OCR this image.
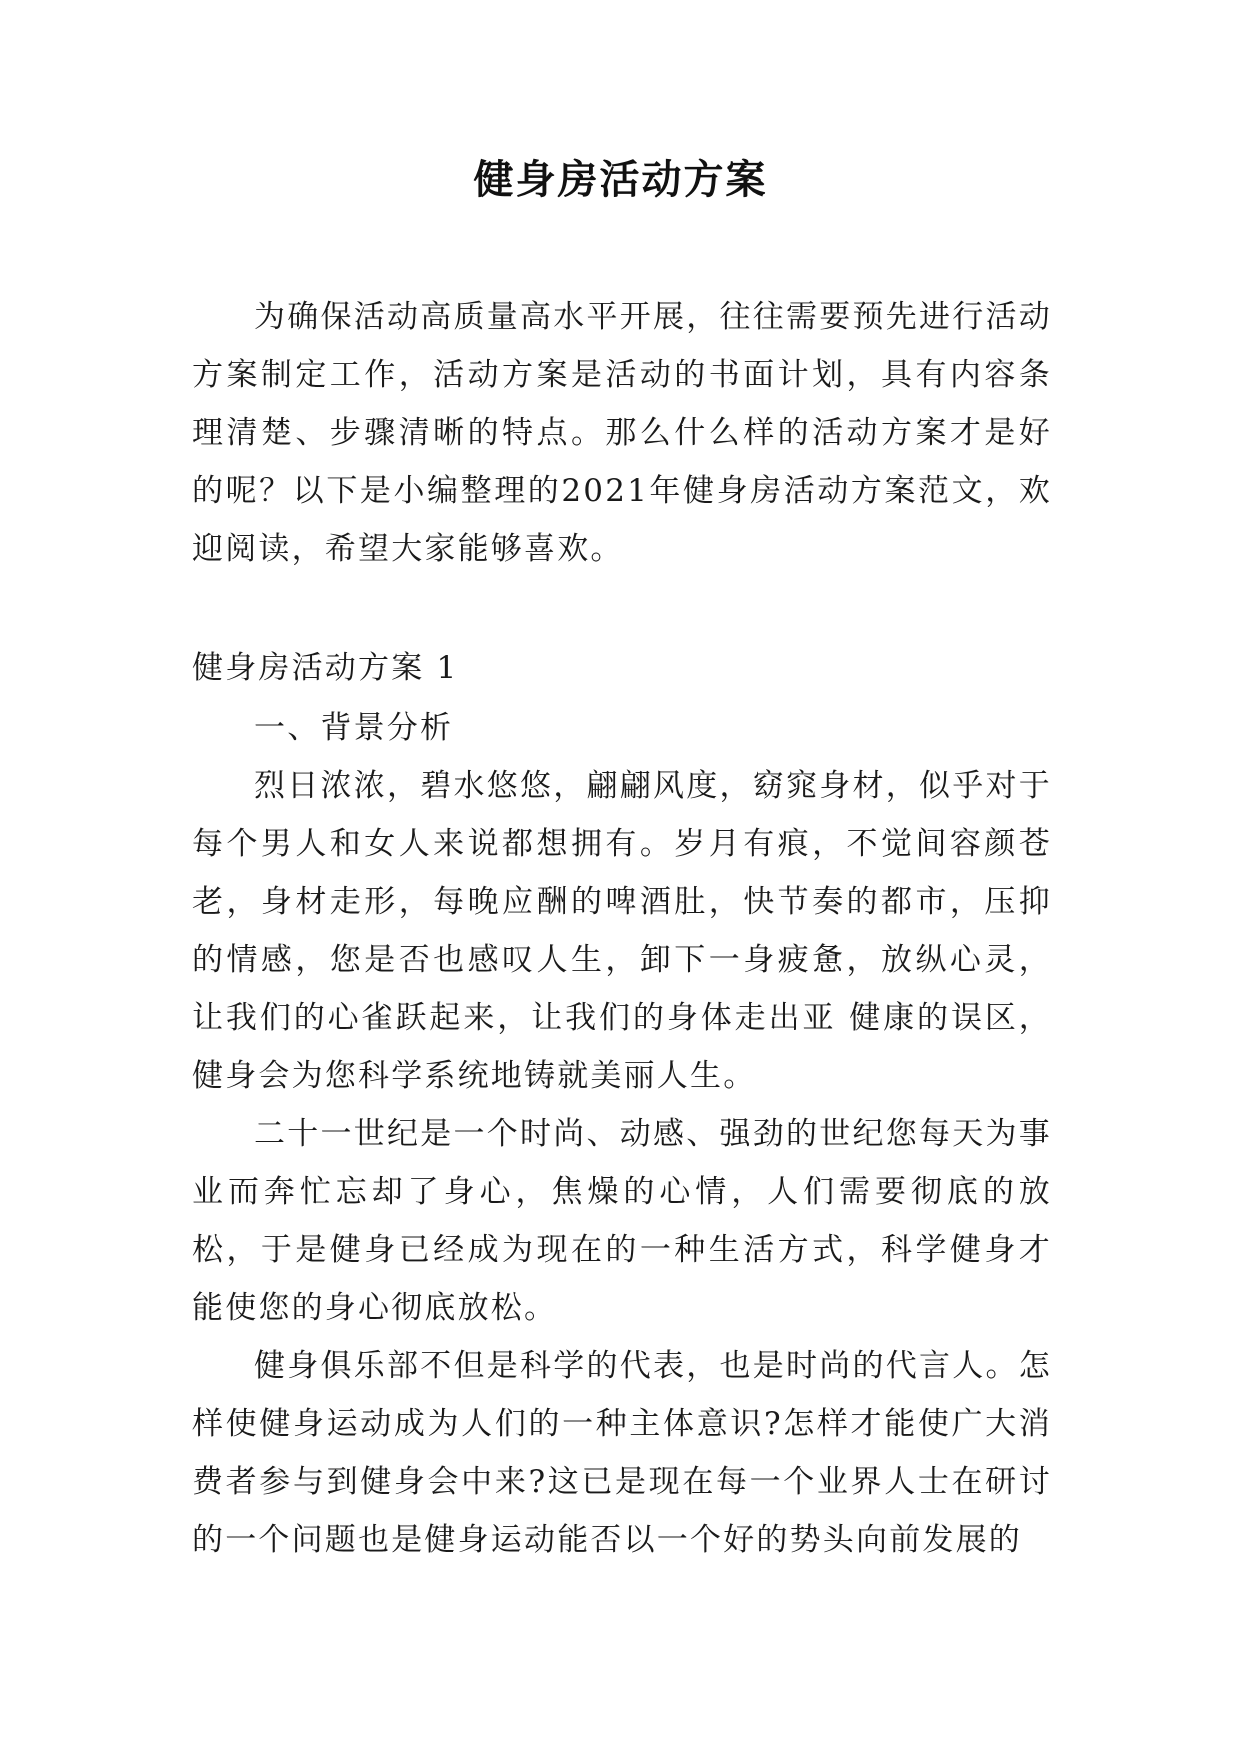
健身房活动方案

为确保活动高质量高水平开展，往往需要预先进行活动方案制定工作，活动方案是活动的书面计划，具有内容条理清楚、步骤清晰的特点。那么什么样的活动方案才是好的呢？以下是小编整理的2021年健身房活动方案范文，欢迎阅读，希望大家能够喜欢。

健身房活动方案 1

一、背景分析

烈日浓浓，碧水悠悠，翩翩风度，窈窕身材，似乎对于每个男人和女人来说都想拥有。岁月有痕，不觉间容颜苍老，身材走形，每晚应酬的啤酒肚，快节奏的都市，压抑的情感，您是否也感叹人生，卸下一身疲惫，放纵心灵，让我们的心雀跃起来，让我们的身体走出亚 健康的误区，健身会为您科学系统地铸就美丽人生。

二十一世纪是一个时尚、动感、强劲的世纪您每天为事业而奔忙忘却了身心，焦燥的心情，人们需要彻底的放松，于是健身已经成为现在的一种生活方式，科学健身才能使您的身心彻底放松。

健身俱乐部不但是科学的代表，也是时尚的代言人。怎样使健身运动成为人们的一种主体意识?怎样才能使广大消费者参与到健身会中来?这已是现在每一个业界人士在研讨的一个问题也是健身运动能否以一个好的势头向前发展的
